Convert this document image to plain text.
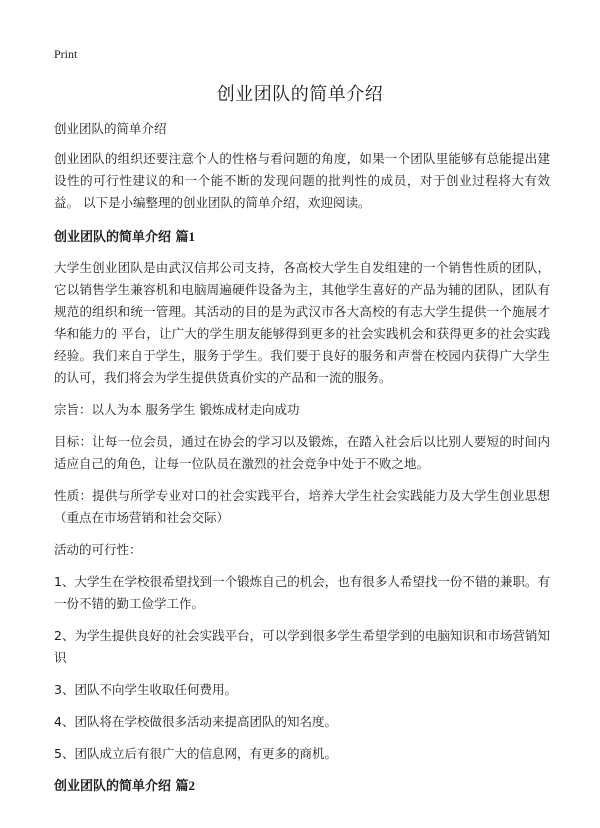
Print
创业团队的简单介绍

创业团队的简单介绍

创业团队的组织还要注意个人的性格与看问题的角度，如果一个团队里能够有总能提出建设性的可行性建议的和一个能不断的发现问题的批判性的成员，对于创业过程将大有效益。 以下是小编整理的创业团队的简单介绍，欢迎阅读。

创业团队的简单介绍 篇1

大学生创业团队是由武汉信邦公司支持，各高校大学生自发组建的一个销售性质的团队，它以销售学生兼容机和电脑周遍硬件设备为主，其他学生喜好的产品为辅的团队，团队有规范的组织和统一管理。其活动的目的是为武汉市各大高校的有志大学生提供一个施展才华和能力的 平台，让广大的学生朋友能够得到更多的社会实践机会和获得更多的社会实践经验。我们来自于学生，服务于学生。我们要于良好的服务和声誉在校园内获得广大学生的认可，我们将会为学生提供货真价实的产品和一流的服务。

宗旨：以人为本 服务学生 锻炼成材走向成功

目标：让每一位会员，通过在协会的学习以及锻炼，在踏入社会后以比别人要短的时间内适应自己的角色，让每一位队员在激烈的社会竞争中处于不败之地。

性质：提供与所学专业对口的社会实践平台，培养大学生社会实践能力及大学生创业思想（重点在市场营销和社会交际）

活动的可行性：

1、大学生在学校很希望找到一个锻炼自己的机会，也有很多人希望找一份不错的兼职。有一份不错的勤工俭学工作。

2、为学生提供良好的社会实践平台，可以学到很多学生希望学到的电脑知识和市场营销知识

3、团队不向学生收取任何费用。

4、团队将在学校做很多活动来提高团队的知名度。

5、团队成立后有很广大的信息网，有更多的商机。

创业团队的简单介绍 篇2
